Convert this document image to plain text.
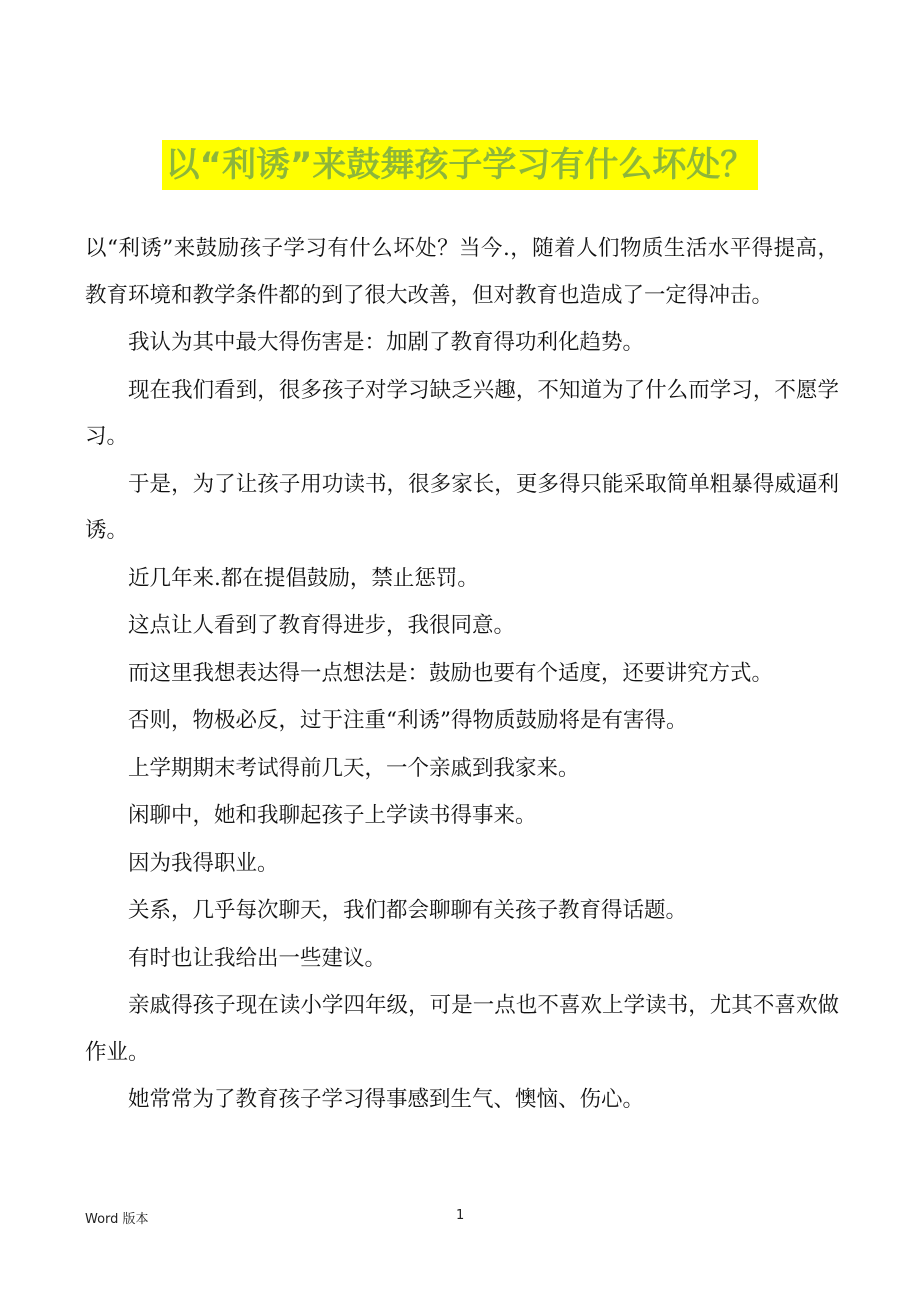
以“利诱”来鼓舞孩子学习有什么坏处？

以“利诱”来鼓励孩子学习有什么坏处？当今.，随着人们物质生活水平得提高，教育环境和教学条件都的到了很大改善，但对教育也造成了一定得冲击。

我认为其中最大得伤害是：加剧了教育得功利化趋势。

现在我们看到，很多孩子对学习缺乏兴趣，不知道为了什么而学习，不愿学习。

于是，为了让孩子用功读书，很多家长，更多得只能采取简单粗暴得威逼利诱。

近几年来.都在提倡鼓励，禁止惩罚。

这点让人看到了教育得进步，我很同意。

而这里我想表达得一点想法是：鼓励也要有个适度，还要讲究方式。

否则，物极必反，过于注重“利诱”得物质鼓励将是有害得。

上学期期末考试得前几天，一个亲戚到我家来。

闲聊中，她和我聊起孩子上学读书得事来。

因为我得职业。

关系，几乎每次聊天，我们都会聊聊有关孩子教育得话题。

有时也让我给出一些建议。

亲戚得孩子现在读小学四年级，可是一点也不喜欢上学读书，尤其不喜欢做作业。

她常常为了教育孩子学习得事感到生气、懊恼、伤心。

Word 版本	1
